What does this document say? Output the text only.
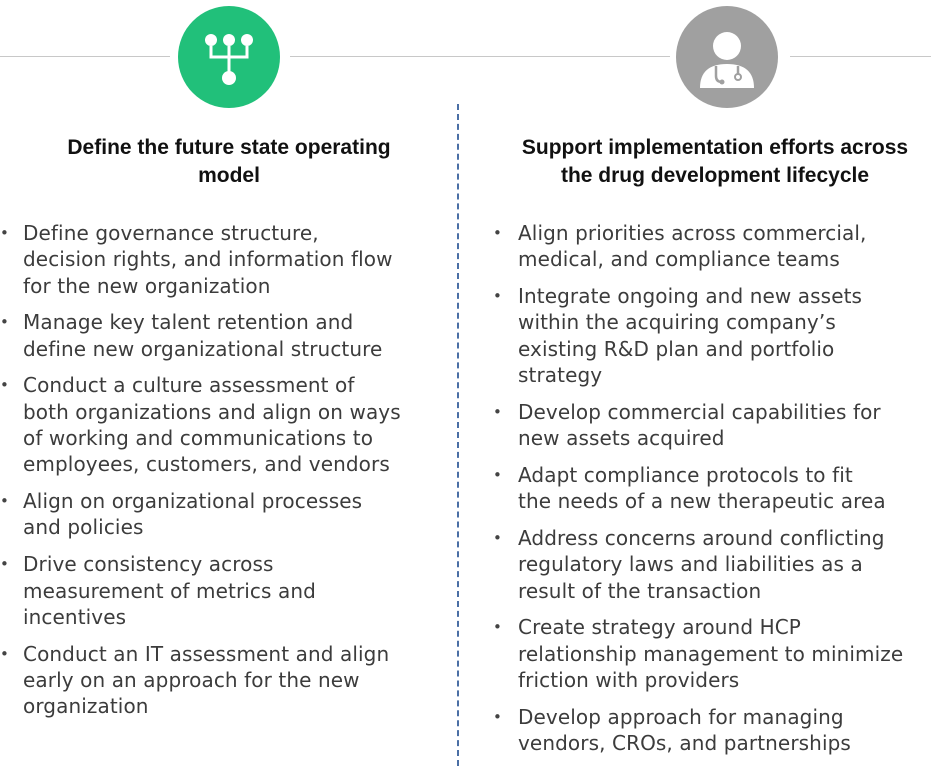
Define the future state operating
model
• Define governance structure,
decision rights, and information flow
for the new organization
• Manage key talent retention and
define new organizational structure
• Conduct a culture assessment of
both organizations and align on ways
of working and communications to
employees, customers, and vendors
• Align on organizational processes
and policies
• Drive consistency across
measurement of metrics and
incentives
• Conduct an IT assessment and align
early on an approach for the new
organization
Support implementation efforts across
the drug development lifecycle
• Align priorities across commercial,
medical, and compliance teams
• Integrate ongoing and new assets
within the acquiring company’s
existing R&D plan and portfolio
strategy
• Develop commercial capabilities for
new assets acquired
• Adapt compliance protocols to fit
the needs of a new therapeutic area
• Address concerns around conflicting
regulatory laws and liabilities as a
result of the transaction
• Create strategy around HCP
relationship management to minimize
friction with providers
• Develop approach for managing
vendors, CROs, and partnerships
